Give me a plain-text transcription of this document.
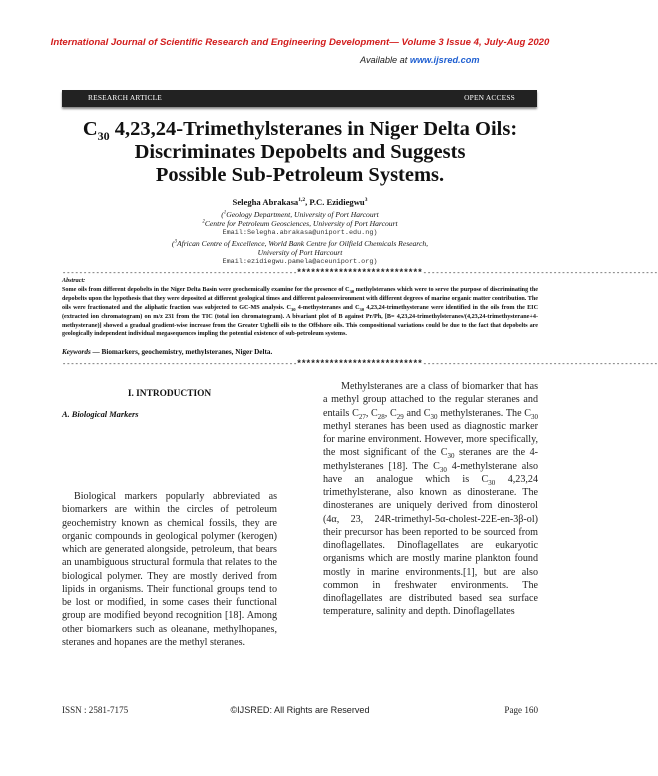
International Journal of Scientific Research and Engineering Development— Volume 3 Issue 4, July-Aug 2020
Available at www.ijsred.com
RESEARCH ARTICLE	OPEN ACCESS
$C_{30}$ 4,23,24-Trimethylsteranes in Niger Delta Oils:
Discriminates Depobelts and Suggests
Possible Sub-Petroleum Systems.
Selegha Abrakasa$^{1,2}$, P.C. Ezidiegwu$^3$
($^1$Geology Department, University of Port Harcourt
$^2$Centre for Petroleum Geosciences, University of Port Harcourt
Email:Selegha.abrakasa@uniport.edu.ng)
($^3$African Centre of Excellence, World Bank Centre for Oilfield Chemicals Research,
University of Port Harcourt
Email:ezidiegwu.pamela@aceuniport.org)
--------------------------------------------------------***************************--------------------------------------------------------
Abstract:
Some oils from different depobelts in the Niger Delta Basin were geochemically examine for the presence of $C_{30}$ methylsteranes which were to serve the purpose of discriminating the depobelts upon the hypothesis that they were deposited at different geological times and different paleoenvironment with different degrees of marine organic matter contribution. The oils were fractionated and the aliphatic fraction was subjected to GC-MS analysis. $C_{30}$ 4-methysteranes and $C_{30}$ 4,23,24-trimethysterane were identified in the oils from the EIC (extracted ion chromatogram) on m/z 231 from the TIC (total ion chromatogram). A bivariant plot of B against Pr/Ph, [B= 4,23,24-trimethylsteranes/(4,23,24-trimethysterane+4-methysterane)] showed a gradual gradient-wise increase from the Greater Ughelli oils to the Offshore oils. This compositional variations could be due to the fact that depobelts are geologically independent individual megasequences impling the potential existence of sub-petroleum systems.
Keywords — Biomarkers, geochemistry, methylsteranes, Niger Delta.
--------------------------------------------------------***************************--------------------------------------------------------
I. INTRODUCTION
A. Biological Markers
Biological markers popularly abbreviated as biomarkers are within the circles of petroleum geochemistry known as chemical fossils, they are organic compounds in geological polymer (kerogen) which are generated alongside, petroleum, that bears an unambiguous structural formula that relates to the biological polymer. They are mostly derived from lipids in organisms. Their functional groups tend to be lost or modified, in some cases their functional group are modified beyond recognition [18]. Among other biomarkers such as oleanane, methylhopanes, steranes and hopanes are the methyl steranes.
Methylsteranes are a class of biomarker that has a methyl group attached to the regular steranes and entails $C_{27}$, $C_{28}$, $C_{29}$ and $C_{30}$ methylsteranes. The $C_{30}$ methyl steranes has been used as diagnostic marker for marine environment. However, more specifically, the most significant of the $C_{30}$ steranes are the 4-methylsteranes [18]. The $C_{30}$ 4-methylsterane also have an analogue which is $C_{30}$ 4,23,24 trimethylsterane, also known as dinosterane. The dinosteranes are uniquely derived from dinosterol (4α, 23, 24R-trimethyl-5α-cholest-22E-en-3β-ol) their precursor has been reported to be sourced from dinoflagellates. Dinoflagellates are eukaryotic organisms which are mostly marine plankton found mostly in marine environments.[1], but are also common in freshwater environments. The dinoflagellates are distributed based sea surface temperature, salinity and depth. Dinoflagellates
ISSN : 2581-7175	©IJSRED: All Rights are Reserved	Page 160
